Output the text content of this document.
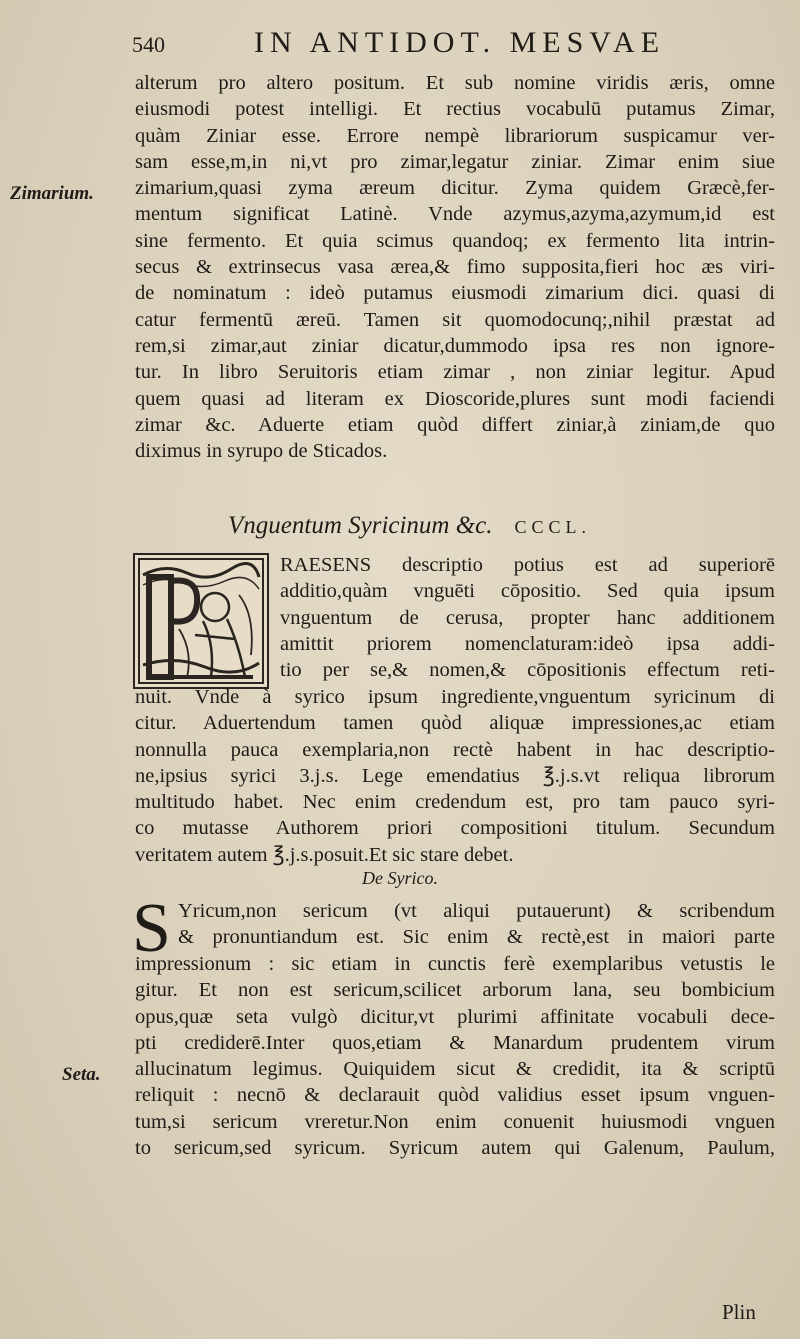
540	IN ANTIDOT. MESVAE
Zimarium.
Seta.
alterum pro altero positum. Et sub nomine viridis æris, omne
eiusmodi potest intelligi. Et rectius vocabulū putamus Zimar,
quàm Ziniar esse. Errore nempè librariorum suspicamur ver-
sam esse,m,in ni,vt pro zimar,legatur ziniar. Zimar enim siue
zimarium,quasi zyma æreum dicitur. Zyma quidem Græcè,fer-
mentum significat Latinè. Vnde azymus,azyma,azymum,id est
sine fermento. Et quia scimus quandoq; ex fermento lita intrin-
secus & extrinsecus vasa ærea,& fimo supposita,fieri hoc æs viri-
de nominatum : ideò putamus eiusmodi zimarium dici. quasi di
catur fermentū æreū. Tamen sit quomodocunq;,nihil præstat ad
rem,si zimar,aut ziniar dicatur,dummodo ipsa res non ignore-
tur. In libro Seruitoris etiam zimar , non ziniar legitur. Apud
quem quasi ad literam ex Dioscoride,plures sunt modi faciendi
zimar &c. Aduerte etiam quòd differt ziniar,à ziniam,de quo
diximus in syrupo de Sticados.
Vnguentum Syricinum &c. CCCL.
RAESENS descriptio potius est ad superiorē
additio,quàm vnguēti cōpositio. Sed quia ipsum
vnguentum de cerusa, propter hanc additionem
amittit priorem nomenclaturam:ideò ipsa addi-
tio per se,& nomen,& cōpositionis effectum reti-
nuit. Vnde à syrico ipsum ingrediente,vnguentum syricinum di
citur. Aduertendum tamen quòd aliquæ impressiones,ac etiam
nonnulla pauca exemplaria,non rectè habent in hac descriptio-
ne,ipsius syrici 3.j.s. Lege emendatius ℥.j.s.vt reliqua librorum
multitudo habet. Nec enim credendum est, pro tam pauco syri-
co mutasse Authorem priori compositioni titulum. Secundum
veritatem autem ℥.j.s.posuit.Et sic stare debet.
De Syrico.
S Yricum,non sericum (vt aliqui putauerunt) & scribendum
& pronuntiandum est. Sic enim & rectè,est in maiori parte
impressionum : sic etiam in cunctis ferè exemplaribus vetustis le
gitur. Et non est sericum,scilicet arborum lana, seu bombicium
opus,quæ seta vulgò dicitur,vt plurimi affinitate vocabuli dece-
pti crediderē.Inter quos,etiam & Manardum prudentem virum
allucinatum legimus. Quiquidem sicut & credidit, ita & scriptū
reliquit : necnō & declarauit quòd validius esset ipsum vnguen-
tum,si sericum vreretur.Non enim conuenit huiusmodi vnguen
to sericum,sed syricum. Syricum autem qui Galenum, Paulum,
Plin
